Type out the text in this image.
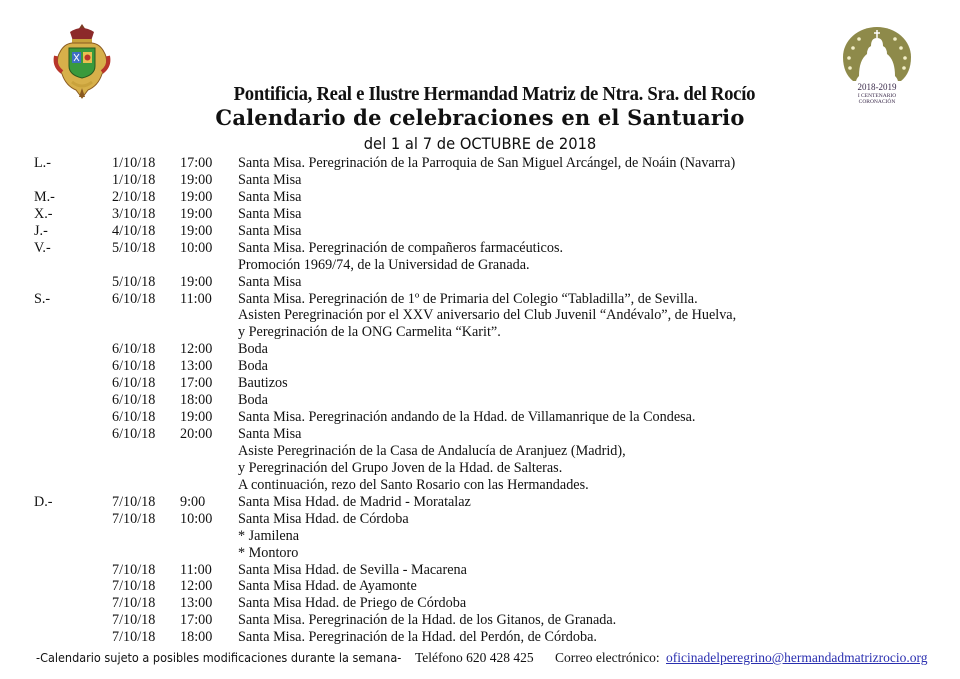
2018-2019
I CENTENARIO
CORONACIÓN
Pontificia, Real e Ilustre Hermandad Matriz de Ntra. Sra. del Rocío
Calendario de celebraciones en el Santuario
del 1 al 7 de OCTUBRE de 2018
L.-	1/10/18 17:00 Santa Misa. Peregrinación de la Parroquia de San Miguel Arcángel, de Noáin (Navarra)
1/10/18 19:00 Santa Misa
M.-	2/10/18 19:00 Santa Misa
X.-	3/10/18 19:00 Santa Misa
J.-	4/10/18 19:00 Santa Misa
V.-	5/10/18 10:00 Santa Misa. Peregrinación de compañeros farmacéuticos.
Promoción 1969/74, de la Universidad de Granada.
5/10/18 19:00 Santa Misa
S.-	6/10/18 11:00 Santa Misa. Peregrinación de 1º de Primaria del Colegio “Tabladilla”, de Sevilla.
Asisten Peregrinación por el XXV aniversario del Club Juvenil “Andévalo”, de Huelva,
y Peregrinación de la ONG Carmelita “Karit”.
6/10/18 12:00 Boda
6/10/18 13:00 Boda
6/10/18 17:00 Bautizos
6/10/18 18:00 Boda
6/10/18 19:00 Santa Misa. Peregrinación andando de la Hdad. de Villamanrique de la Condesa.
6/10/18 20:00 Santa Misa
Asiste Peregrinación de la Casa de Andalucía de Aranjuez (Madrid),
y Peregrinación del Grupo Joven de la Hdad. de Salteras.
A continuación, rezo del Santo Rosario con las Hermandades.
D.-	7/10/18 9:00 Santa Misa Hdad. de Madrid - Moratalaz
7/10/18 10:00 Santa Misa Hdad. de Córdoba
* Jamilena
* Montoro
7/10/18 11:00 Santa Misa Hdad. de Sevilla - Macarena
7/10/18 12:00 Santa Misa Hdad. de Ayamonte
7/10/18 13:00 Santa Misa Hdad. de Priego de Córdoba
7/10/18 17:00 Santa Misa. Peregrinación de la Hdad. de los Gitanos, de Granada.
7/10/18 18:00 Santa Misa. Peregrinación de la Hdad. del Perdón, de Córdoba.
-Calendario sujeto a posibles modificaciones durante la semana- Teléfono 620 428 425 Correo electrónico: oficinadelperegrino@hermandadmatrizrocio.org
